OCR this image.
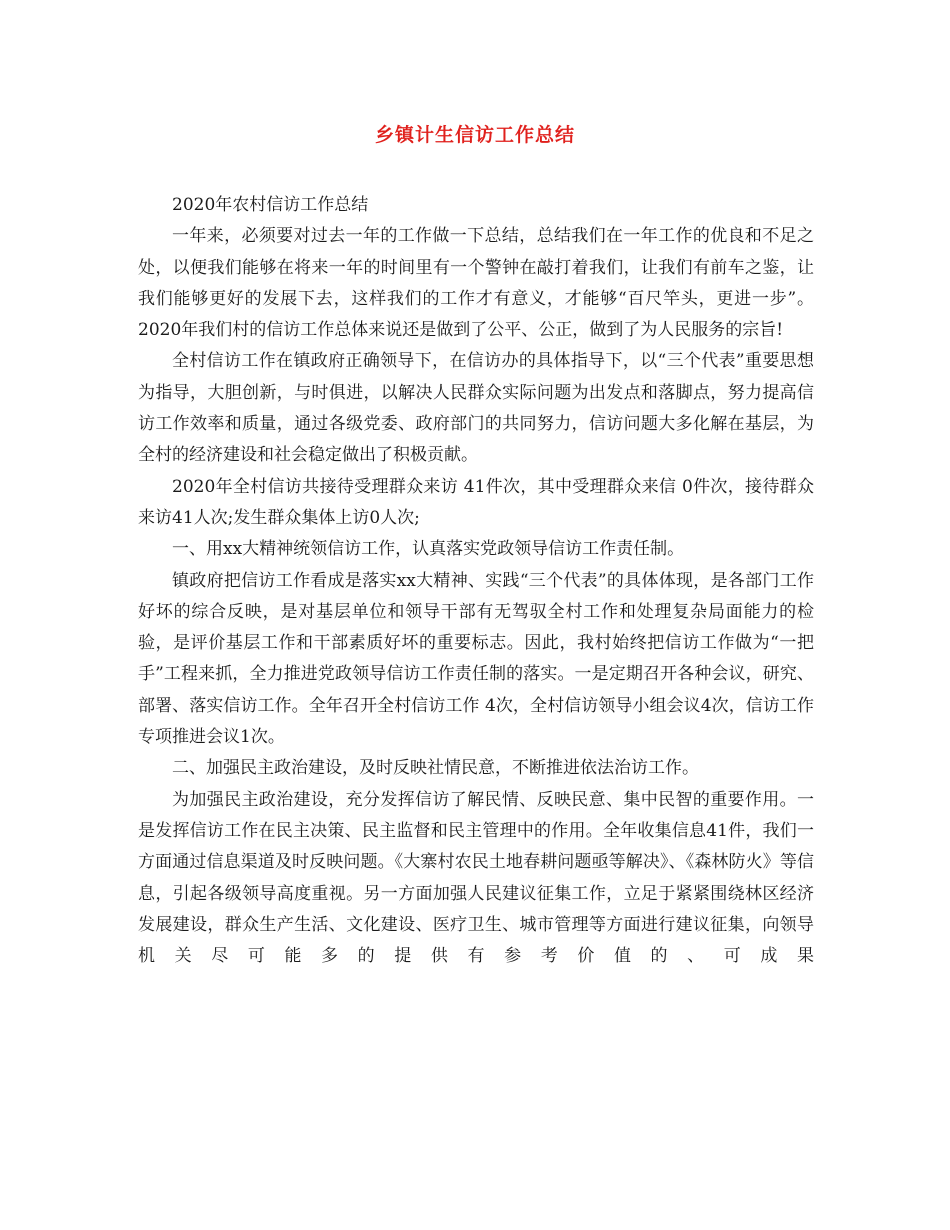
乡镇计生信访工作总结

2020年农村信访工作总结

一年来，必须要对过去一年的工作做一下总结，总结我们在一年工作的优良和不足之处，以便我们能够在将来一年的时间里有一个警钟在敲打着我们，让我们有前车之鉴，让我们能够更好的发展下去，这样我们的工作才有意义，才能够“百尺竿头，更进一步”。2020年我们村的信访工作总体来说还是做到了公平、公正，做到了为人民服务的宗旨!

全村信访工作在镇政府正确领导下，在信访办的具体指导下，以“三个代表”重要思想为指导，大胆创新，与时俱进，以解决人民群众实际问题为出发点和落脚点，努力提高信访工作效率和质量，通过各级党委、政府部门的共同努力，信访问题大多化解在基层，为全村的经济建设和社会稳定做出了积极贡献。

2020年全村信访共接待受理群众来访 41件次，其中受理群众来信 0件次，接待群众来访41人次;发生群众集体上访0人次;

一、用xx大精神统领信访工作，认真落实党政领导信访工作责任制。

镇政府把信访工作看成是落实xx大精神、实践“三个代表”的具体体现，是各部门工作好坏的综合反映，是对基层单位和领导干部有无驾驭全村工作和处理复杂局面能力的检验，是评价基层工作和干部素质好坏的重要标志。因此，我村始终把信访工作做为“一把手”工程来抓，全力推进党政领导信访工作责任制的落实。一是定期召开各种会议，研究、部署、落实信访工作。全年召开全村信访工作 4次，全村信访领导小组会议4次，信访工作专项推进会议1次。

二、加强民主政治建设，及时反映社情民意，不断推进依法治访工作。

为加强民主政治建设，充分发挥信访了解民情、反映民意、集中民智的重要作用。一是发挥信访工作在民主决策、民主监督和民主管理中的作用。全年收集信息41件，我们一方面通过信息渠道及时反映问题。《大寨村农民土地春耕问题亟等解决》、《森林防火》等信息，引起各级领导高度重视。另一方面加强人民建议征集工作，立足于紧紧围绕林区经济发展建设，群众生产生活、文化建设、医疗卫生、城市管理等方面进行建议征集，向领导机关尽可能多的提供有参考价值的、可成果
